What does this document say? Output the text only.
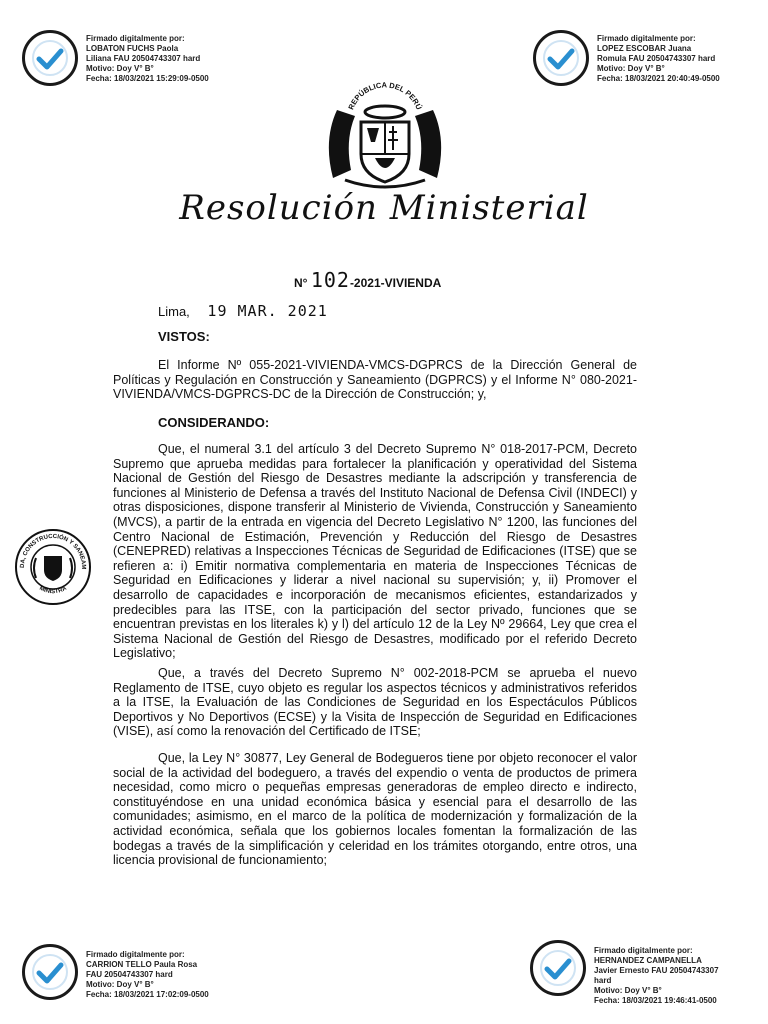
Firmado digitalmente por:
LOBATON FUCHS Paola
Liliana FAU 20504743307 hard
Motivo: Doy V° B°
Fecha: 18/03/2021 15:29:09-0500
Firmado digitalmente por:
LOPEZ ESCOBAR Juana
Romula FAU 20504743307 hard
Motivo: Doy V° B°
Fecha: 18/03/2021 20:40:49-0500
REPÚBLICA DEL PERÚ
Resolución Ministerial
N° 102-2021-VIVIENDA
Lima, 19 MAR. 2021
VISTOS:
El Informe Nº 055-2021-VIVIENDA-VMCS-DGPRCS de la Dirección General de Políticas y Regulación en Construcción y Saneamiento (DGPRCS) y el Informe N° 080-2021-VIVIENDA/VMCS-DGPRCS-DC de la Dirección de Construcción; y,
CONSIDERANDO:
Que, el numeral 3.1 del artículo 3 del Decreto Supremo N° 018-2017-PCM, Decreto Supremo que aprueba medidas para fortalecer la planificación y operatividad del Sistema Nacional de Gestión del Riesgo de Desastres mediante la adscripción y transferencia de funciones al Ministerio de Defensa a través del Instituto Nacional de Defensa Civil (INDECI) y otras disposiciones, dispone transferir al Ministerio de Vivienda, Construcción y Saneamiento (MVCS), a partir de la entrada en vigencia del Decreto Legislativo N° 1200, las funciones del Centro Nacional de Estimación, Prevención y Reducción del Riesgo de Desastres (CENEPRED) relativas a Inspecciones Técnicas de Seguridad de Edificaciones (ITSE) que se refieren a: i) Emitir normativa complementaria en materia de Inspecciones Técnicas de Seguridad en Edificaciones y liderar a nivel nacional su supervisión; y, ii) Promover el desarrollo de capacidades e incorporación de mecanismos eficientes, estandarizados y predecibles para las ITSE, con la participación del sector privado, funciones que se encuentran previstas en los literales k) y l) del artículo 12 de la Ley Nº 29664, Ley que crea el Sistema Nacional de Gestión del Riesgo de Desastres, modificado por el referido Decreto Legislativo;
Que, a través del Decreto Supremo N° 002-2018-PCM se aprueba el nuevo Reglamento de ITSE, cuyo objeto es regular los aspectos técnicos y administrativos referidos a la ITSE, la Evaluación de las Condiciones de Seguridad en los Espectáculos Públicos Deportivos y No Deportivos (ECSE) y la Visita de Inspección de Seguridad en Edificaciones (VISE), así como la renovación del Certificado de ITSE;
Que, la Ley N° 30877, Ley General de Bodegueros tiene por objeto reconocer el valor social de la actividad del bodeguero, a través del expendio o venta de productos de primera necesidad, como micro o pequeñas empresas generadoras de empleo directo e indirecto, constituyéndose en una unidad económica básica y esencial para el desarrollo de las comunidades; asimismo, en el marco de la política de modernización y formalización de la actividad económica, señala que los gobiernos locales fomentan la formalización de las bodegas a través de la simplificación y celeridad en los trámites otorgando, entre otros, una licencia provisional de funcionamiento;
DA, CONSTRUCCIÓN Y SANEAM
MINISTRA
Firmado digitalmente por:
CARRION TELLO Paula Rosa
FAU 20504743307 hard
Motivo: Doy V° B°
Fecha: 18/03/2021 17:02:09-0500
Firmado digitalmente por:
HERNANDEZ CAMPANELLA
Javier Ernesto FAU 20504743307
hard
Motivo: Doy V° B°
Fecha: 18/03/2021 19:46:41-0500
